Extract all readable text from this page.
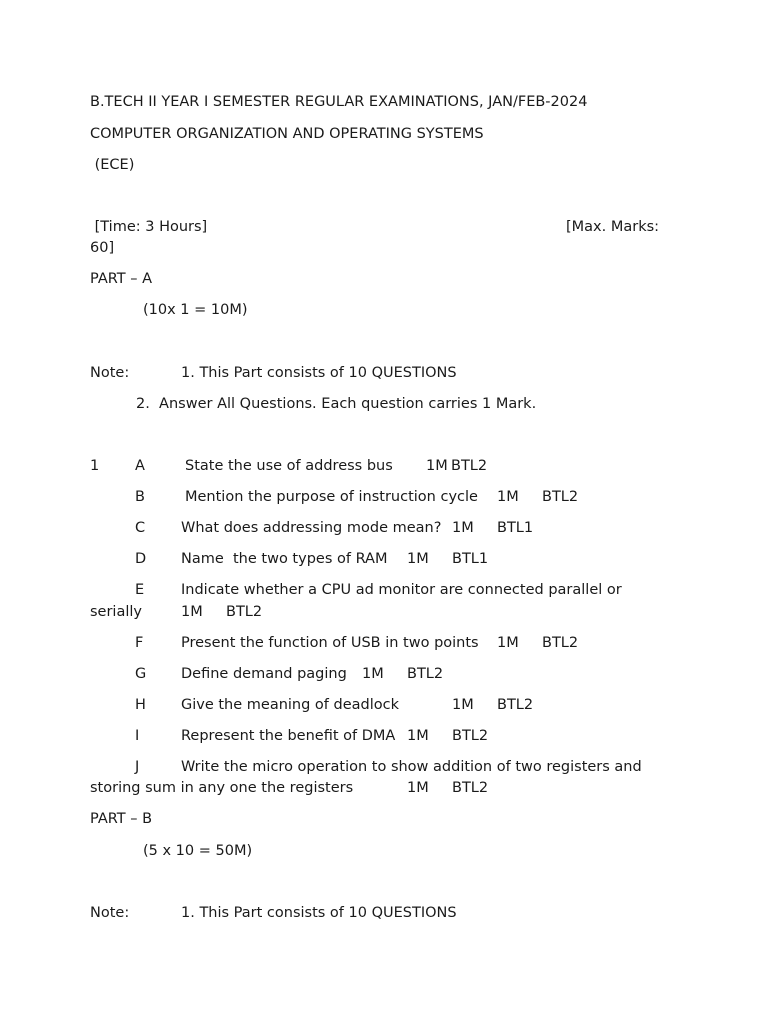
B.TECH II YEAR I SEMESTER REGULAR EXAMINATIONS, JAN/FEB-2024
COMPUTER ORGANIZATION AND OPERATING SYSTEMS
(ECE)
[Time: 3 Hours]	[Max. Marks:
60]
PART – A
(10x 1 = 10M)
Note:	1. This Part consists of 10 QUESTIONS
2.  Answer All Questions. Each question carries 1 Mark.
1 A	State the use of address bus 1M BTL2
B	Mention the purpose of instruction cycle 1M BTL2
C What does addressing mode mean? 1M BTL1
D Name  the two types of RAM 1M BTL1
E	Indicate whether a CPU ad monitor are connected parallel or
serially	1M BTL2
F	Present the function of USB in two points 1M BTL2
G Define demand paging 1M BTL2
H Give the meaning of deadlock	1M BTL2
I	Represent the benefit of DMA 1M BTL2
J	Write the micro operation to show addition of two registers and
storing sum in any one the registers	1M BTL2
PART – B
(5 x 10 = 50M)
Note:	1. This Part consists of 10 QUESTIONS
